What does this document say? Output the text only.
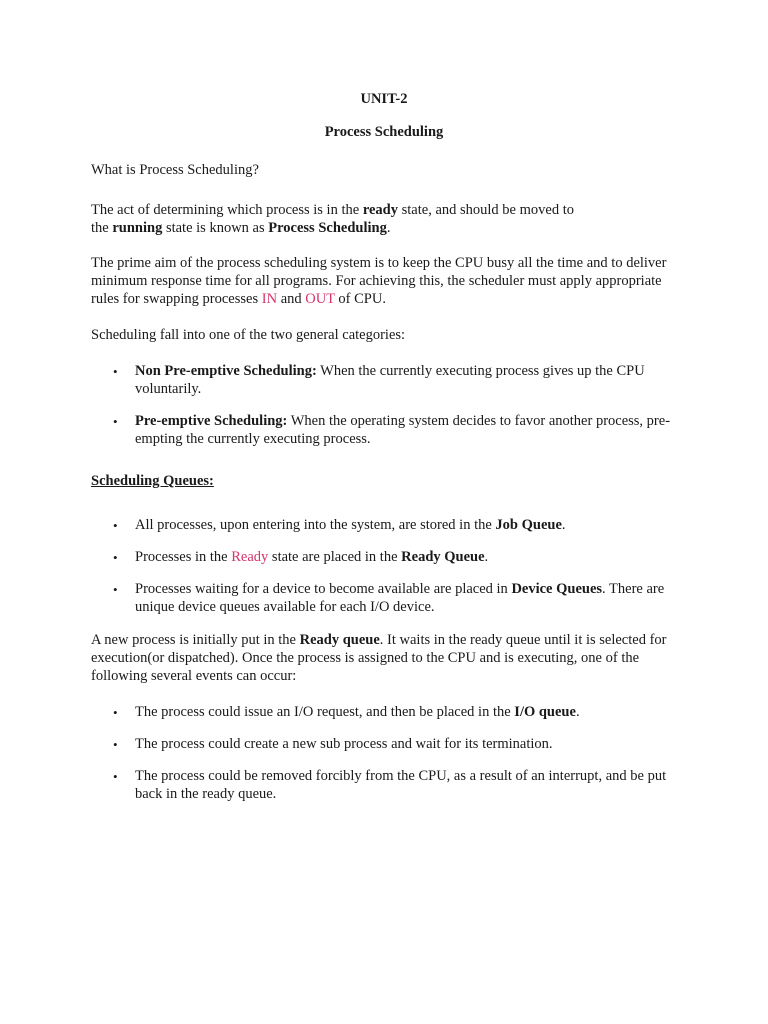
UNIT-2

Process Scheduling

What is Process Scheduling?

The act of determining which process is in the ready state, and should be moved to
the running state is known as Process Scheduling.

The prime aim of the process scheduling system is to keep the CPU busy all the time and to deliver minimum response time for all programs. For achieving this, the scheduler must apply appropriate rules for swapping processes IN and OUT of CPU.

Scheduling fall into one of the two general categories:

•	Non Pre-emptive Scheduling: When the currently executing process gives up the CPU voluntarily.

•	Pre-emptive Scheduling: When the operating system decides to favor another process, pre-empting the currently executing process.

Scheduling Queues:

•	All processes, upon entering into the system, are stored in the Job Queue.

•	Processes in the Ready state are placed in the Ready Queue.

•	Processes waiting for a device to become available are placed in Device Queues. There are unique device queues available for each I/O device.

A new process is initially put in the Ready queue. It waits in the ready queue until it is selected for execution(or dispatched). Once the process is assigned to the CPU and is executing, one of the following several events can occur:

•	The process could issue an I/O request, and then be placed in the I/O queue.

•	The process could create a new sub process and wait for its termination.

•	The process could be removed forcibly from the CPU, as a result of an interrupt, and be put back in the ready queue.
